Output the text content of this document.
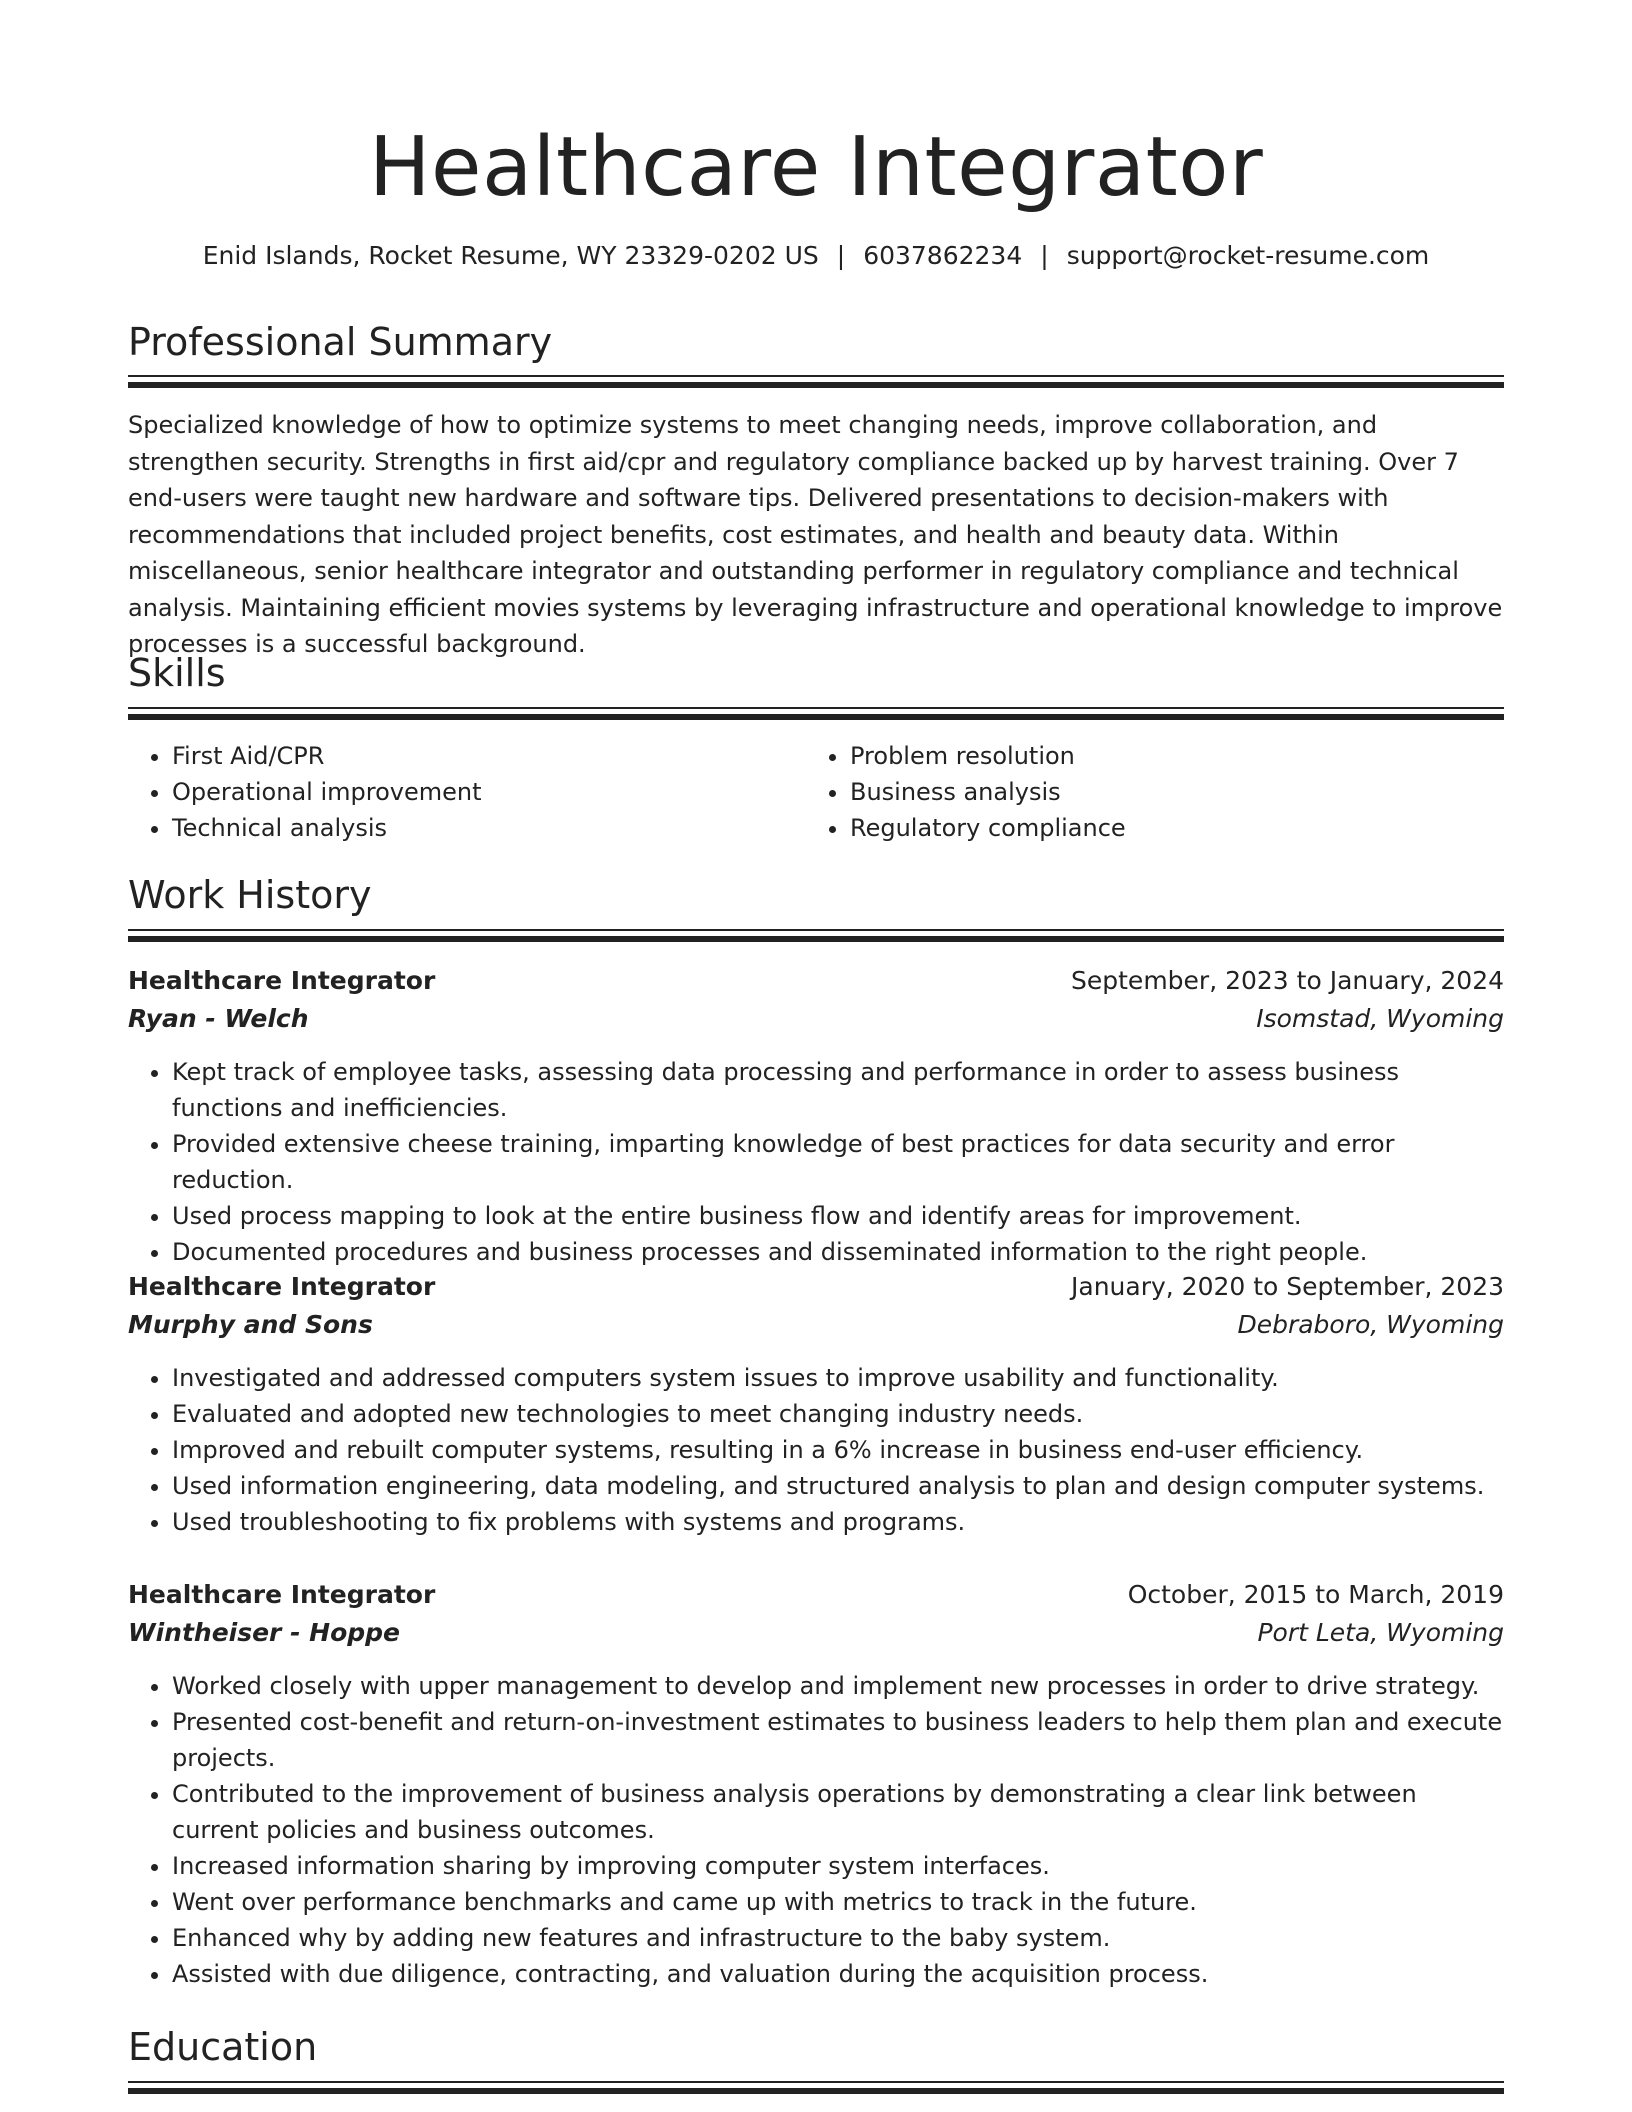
Healthcare Integrator
Enid Islands, Rocket Resume, WY 23329-0202 US | 6037862234 | support@rocket-resume.com
Professional Summary

Specialized knowledge of how to optimize systems to meet changing needs, improve collaboration, and strengthen security. Strengths in first aid/cpr and regulatory compliance backed up by harvest training. Over 7 end-users were taught new hardware and software tips. Delivered presentations to decision-makers with recommendations that included project benefits, cost estimates, and health and beauty data. Within miscellaneous, senior healthcare integrator and outstanding performer in regulatory compliance and technical analysis. Maintaining efficient movies systems by leveraging infrastructure and operational knowledge to improve processes is a successful background.

Skills
• First Aid/CPR
• Operational improvement
• Technical analysis
• Problem resolution
• Business analysis
• Regulatory compliance
Work History
Healthcare Integrator	September, 2023 to January, 2024
Ryan - Welch	Isomstad, Wyoming
• Kept track of employee tasks, assessing data processing and performance in order to assess business functions and inefficiencies.
• Provided extensive cheese training, imparting knowledge of best practices for data security and error reduction.
• Used process mapping to look at the entire business flow and identify areas for improvement.
• Documented procedures and business processes and disseminated information to the right people.
Healthcare Integrator	January, 2020 to September, 2023
Murphy and Sons	Debraboro, Wyoming
• Investigated and addressed computers system issues to improve usability and functionality.
• Evaluated and adopted new technologies to meet changing industry needs.
• Improved and rebuilt computer systems, resulting in a 6% increase in business end-user efficiency.
• Used information engineering, data modeling, and structured analysis to plan and design computer systems.
• Used troubleshooting to fix problems with systems and programs.
Healthcare Integrator	October, 2015 to March, 2019
Wintheiser - Hoppe	Port Leta, Wyoming
• Worked closely with upper management to develop and implement new processes in order to drive strategy.
• Presented cost-benefit and return-on-investment estimates to business leaders to help them plan and execute projects.
• Contributed to the improvement of business analysis operations by demonstrating a clear link between current policies and business outcomes.
• Increased information sharing by improving computer system interfaces.
• Went over performance benchmarks and came up with metrics to track in the future.
• Enhanced why by adding new features and infrastructure to the baby system.
• Assisted with due diligence, contracting, and valuation during the acquisition process.
Education
